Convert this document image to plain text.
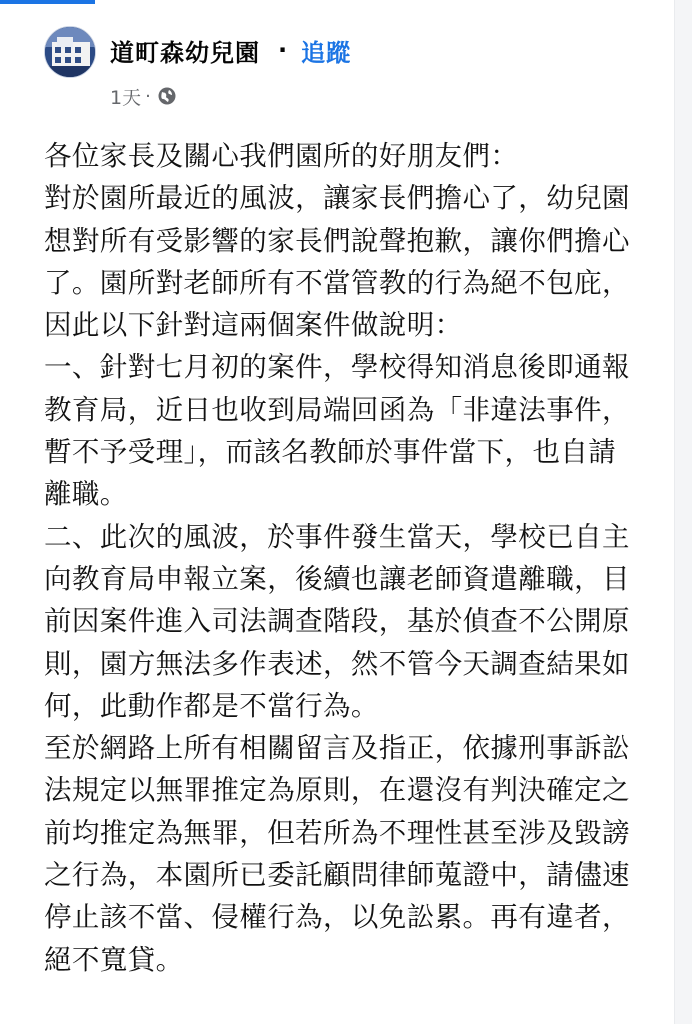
道町森幼兒園 · 追蹤
1天 ·

各位家長及關心我們園所的好朋友們：

對於園所最近的風波，讓家長們擔心了，幼兒園

想對所有受影響的家長們說聲抱歉，讓你們擔心

了。園所對老師所有不當管教的行為絕不包庇，

因此以下針對這兩個案件做說明：

一、針對七月初的案件，學校得知消息後即通報

教育局，近日也收到局端回函為「非違法事件，

暫不予受理」，而該名教師於事件當下，也自請

離職。

二、此次的風波，於事件發生當天，學校已自主

向教育局申報立案，後續也讓老師資遣離職，目

前因案件進入司法調查階段，基於偵查不公開原

則，園方無法多作表述，然不管今天調查結果如

何，此動作都是不當行為。

至於網路上所有相關留言及指正，依據刑事訴訟

法規定以無罪推定為原則，在還沒有判決確定之

前均推定為無罪，但若所為不理性甚至涉及毀謗

之行為，本園所已委託顧問律師蒐證中，請儘速

停止該不當、侵權行為，以免訟累。再有違者，

絕不寬貸。
